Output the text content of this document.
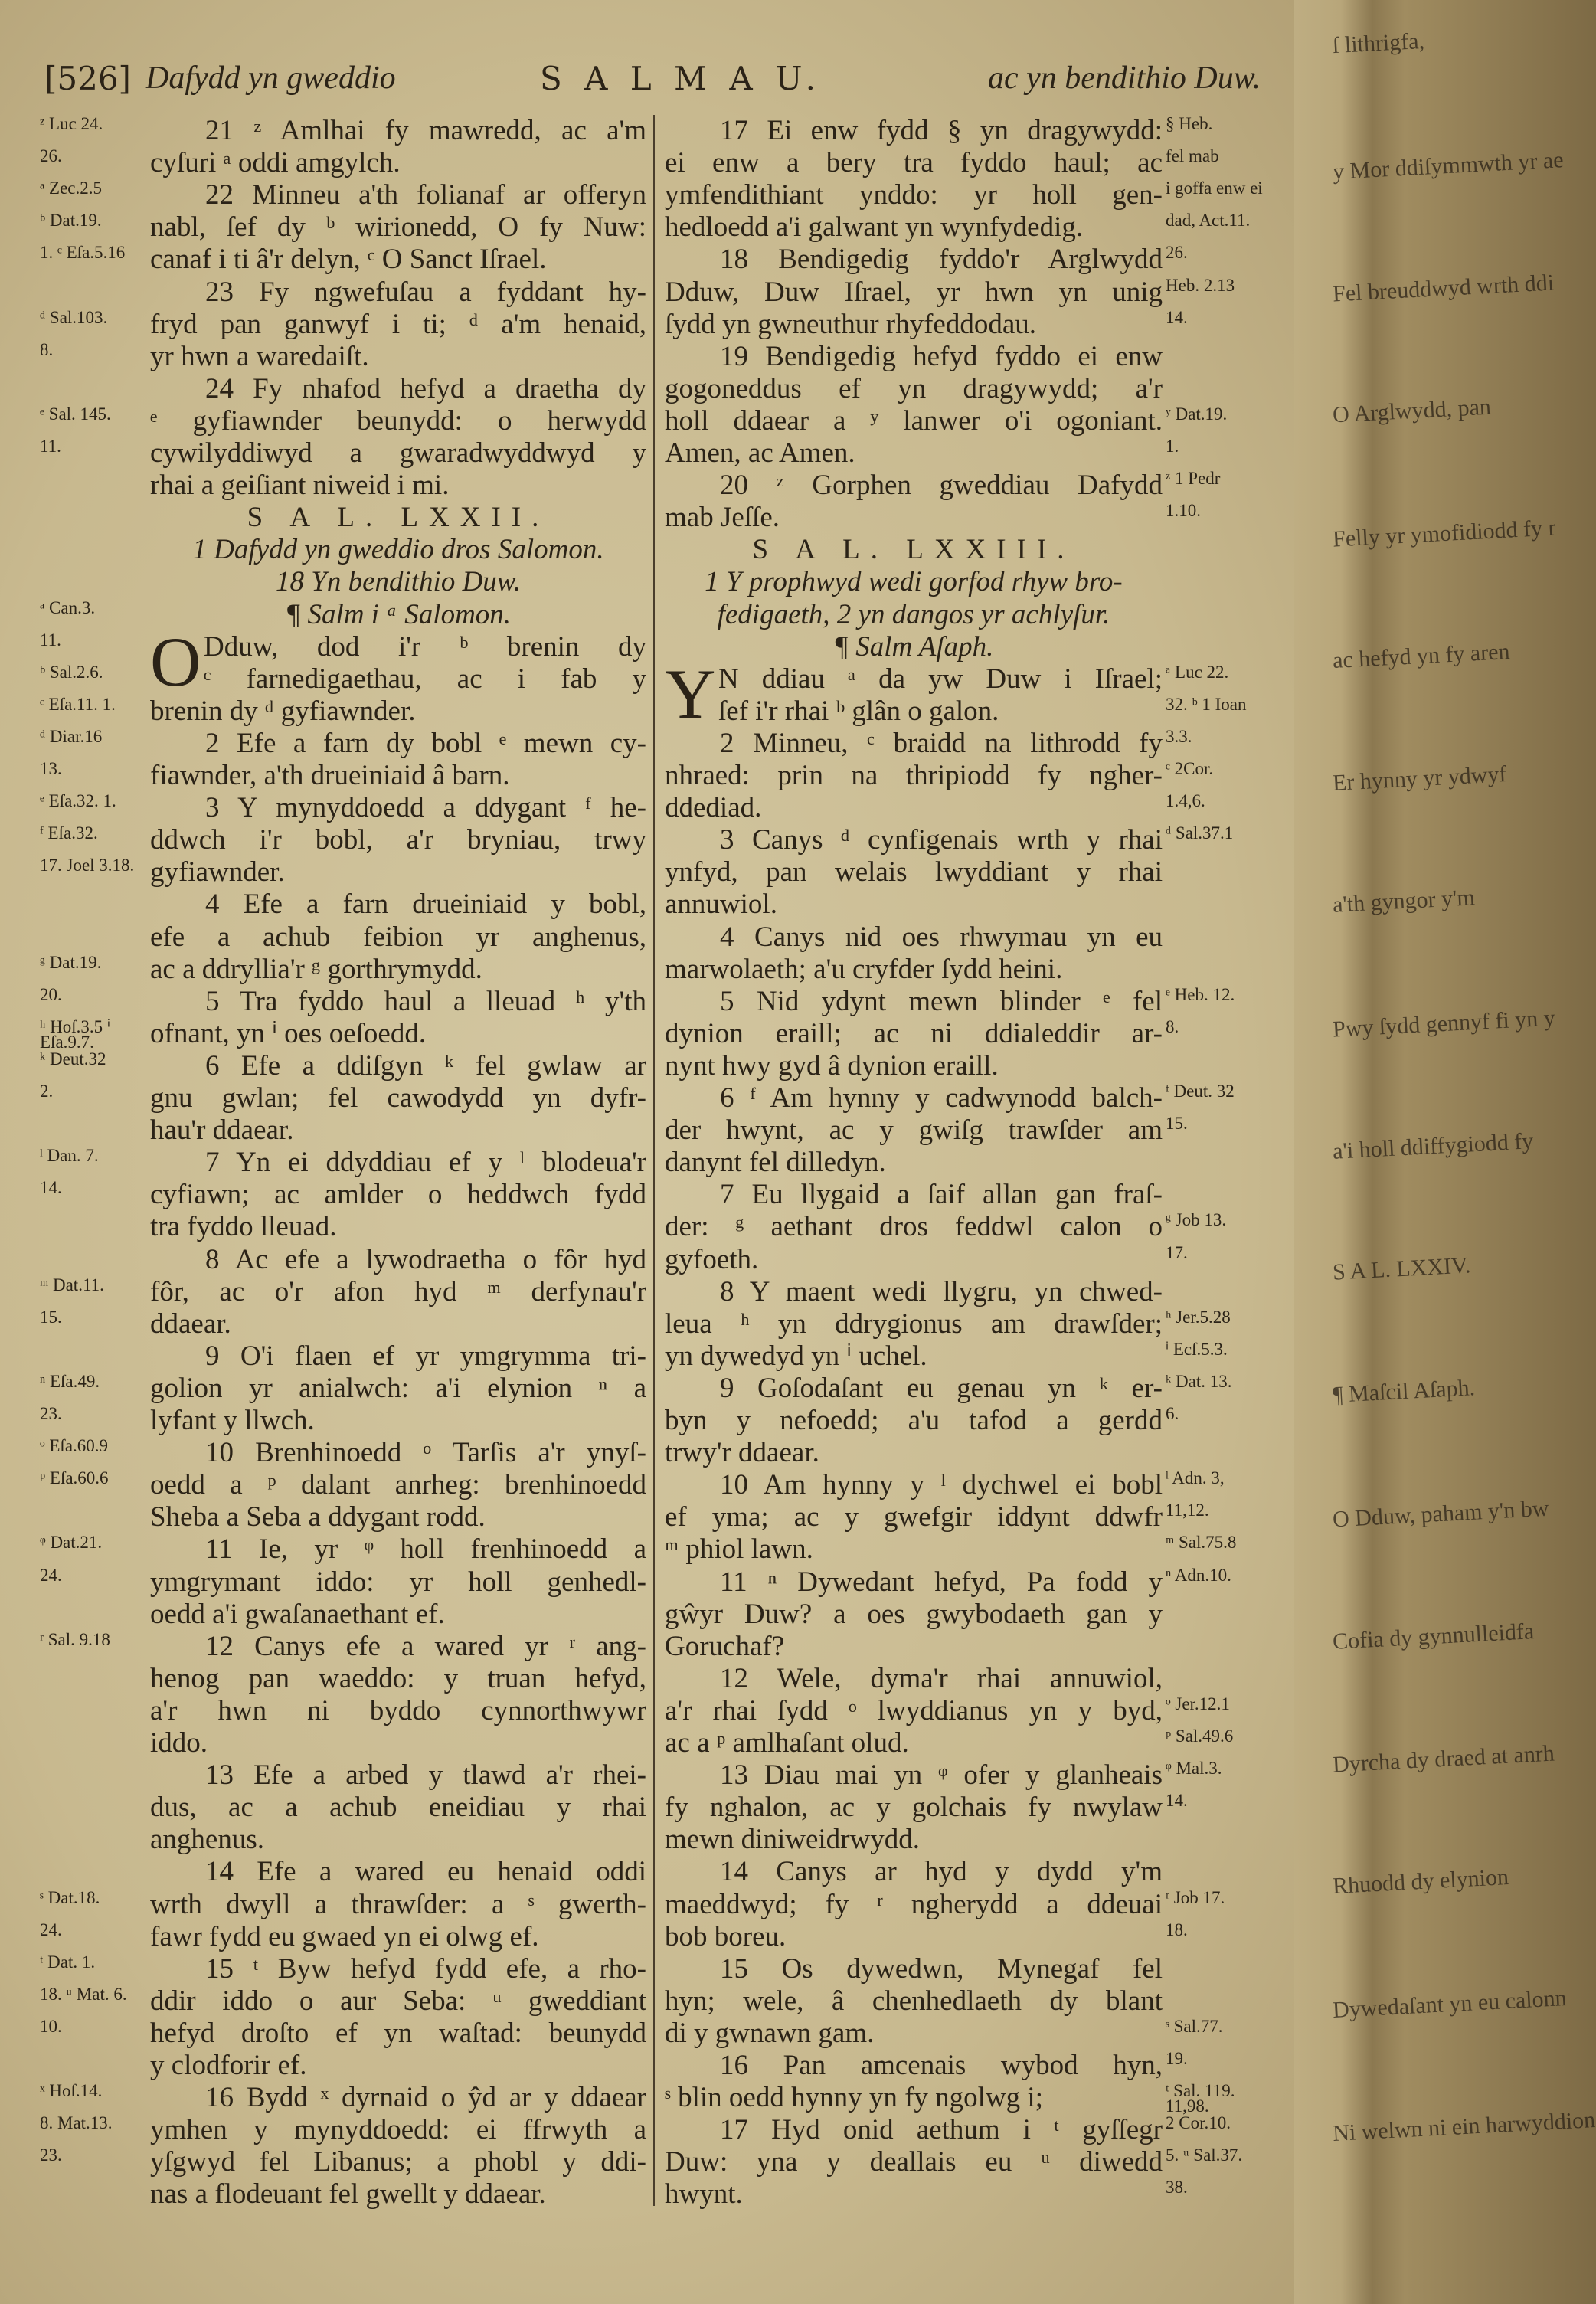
[526] Dafydd yn gweddio	S A L M A U.	ac yn bendithio Duw.
ᶻ Luc 24.
26.
ᵃ Zec.2.5
ᵇ Dat.19.
1. ᶜ Eſa.5.16
ᵈ Sal.103.
8.
ᵉ Sal. 145.
11.
ᵃ Can.3.
11.
ᵇ Sal.2.6.
ᶜ Eſa.11. 1.
ᵈ Diar.16
13.
ᵉ Eſa.32. 1.
ᶠ Eſa.32.
17. Joel 3.18.
ᵍ Dat.19.
20.
ʰ Hoſ.3.5 ⁱ Eſa.9.7.
ᵏ Deut.32
2.
ˡ Dan. 7.
14.
ᵐ Dat.11.
15.
ⁿ Eſa.49.
23.
ᵒ Eſa.60.9
ᵖ Eſa.60.6
ᵠ Dat.21.
24.
ʳ Sal. 9.18
ˢ Dat.18.
24.
ᵗ Dat. 1.
18. ᵘ Mat. 6.
10.
ˣ Hoſ.14.
8. Mat.13.
23.
21 ᶻ Amlhai fy mawredd, ac a'm
cyſuri ᵃ oddi amgylch.
22 Minneu a'th folianaf ar offeryn
nabl, ſef dy ᵇ wirionedd, O fy Nuw:
canaf i ti â'r delyn, ᶜ O Sanct Iſrael.
23 Fy ngwefuſau a fyddant hy-
fryd pan ganwyf i ti; ᵈ a'm henaid,
yr hwn a waredaiſt.
24 Fy nhafod hefyd a draetha dy
ᵉ gyfiawnder beunydd: o herwydd
cywilyddiwyd a gwaradwyddwyd y
rhai a geiſiant niweid i mi.
S A L. LXXII.
1 Dafydd yn gweddio dros Salomon.
18 Yn bendithio Duw.
¶ Salm i ᵃ Salomon.
O Dduw, dod i'r ᵇ brenin dy
ᶜ farnedigaethau, ac i fab y
brenin dy ᵈ gyfiawnder.
2 Efe a farn dy bobl ᵉ mewn cy-
fiawnder, a'th drueiniaid â barn.
3 Y mynyddoedd a ddygant ᶠ he-
ddwch i'r bobl, a'r bryniau, trwy
gyfiawnder.
4 Efe a farn drueiniaid y bobl,
efe a achub feibion yr anghenus,
ac a ddryllia'r ᵍ gorthrymydd.
5 Tra fyddo haul a lleuad ʰ y'th
ofnant, yn ⁱ oes oeſoedd.
6 Efe a ddiſgyn ᵏ fel gwlaw ar
gnu gwlan; fel cawodydd yn dyfr-
hau'r ddaear.
7 Yn ei ddyddiau ef y ˡ blodeua'r
cyfiawn; ac amlder o heddwch fydd
tra fyddo lleuad.
8 Ac efe a lywodraetha o fôr hyd
fôr, ac o'r afon hyd ᵐ derfynau'r
ddaear.
9 O'i flaen ef yr ymgrymma tri-
golion yr anialwch: a'i elynion ⁿ a
lyfant y llwch.
10 Brenhinoedd ᵒ Tarſis a'r ynyſ-
oedd a ᵖ dalant anrheg: brenhinoedd
Sheba a Seba a ddygant rodd.
11 Ie, yr ᵠ holl frenhinoedd a
ymgrymant iddo: yr holl genhedl-
oedd a'i gwaſanaethant ef.
12 Canys efe a wared yr ʳ ang-
henog pan waeddo: y truan hefyd,
a'r hwn ni byddo cynnorthwywr
iddo.
13 Efe a arbed y tlawd a'r rhei-
dus, ac a achub eneidiau y rhai
anghenus.
14 Efe a wared eu henaid oddi
wrth dwyll a thrawſder: a ˢ gwerth-
fawr fydd eu gwaed yn ei olwg ef.
15 ᵗ Byw hefyd fydd efe, a rho-
ddir iddo o aur Seba: ᵘ gweddiant
hefyd droſto ef yn waſtad: beunydd
y clodforir ef.
16 Bydd ˣ dyrnaid o ŷd ar y ddaear
ymhen y mynyddoedd: ei ffrwyth a
yſgwyd fel Libanus; a phobl y ddi-
nas a flodeuant fel gwellt y ddaear.
17 Ei enw fydd § yn dragywydd:
ei enw a bery tra fyddo haul; ac
ymfendithiant ynddo: yr holl gen-
hedloedd a'i galwant yn wynfydedig.
18 Bendigedig fyddo'r Arglwydd
Dduw, Duw Iſrael, yr hwn yn unig
ſydd yn gwneuthur rhyfeddodau.
19 Bendigedig hefyd fyddo ei enw
gogoneddus ef yn dragywydd; a'r
holl ddaear a ʸ lanwer o'i ogoniant.
Amen, ac Amen.
20 ᶻ Gorphen gweddiau Dafydd
mab Jeſſe.
S A L. LXXIII.
1 Y prophwyd wedi gorfod rhyw bro-
fedigaeth, 2 yn dangos yr achlyſur.
¶ Salm Aſaph.
Y N ddiau ᵃ da yw Duw i Iſrael;
ſef i'r rhai ᵇ glân o galon.
2 Minneu, ᶜ braidd na lithrodd fy
nhraed: prin na thripiodd fy ngher-
ddediad.
3 Canys ᵈ cynfigenais wrth y rhai
ynfyd, pan welais lwyddiant y rhai
annuwiol.
4 Canys nid oes rhwymau yn eu
marwolaeth; a'u cryfder ſydd heini.
5 Nid ydynt mewn blinder ᵉ fel
dynion eraill; ac ni ddialeddir ar-
nynt hwy gyd â dynion eraill.
6 ᶠ Am hynny y cadwynodd balch-
der hwynt, ac y gwiſg trawſder am
danynt fel dilledyn.
7 Eu llygaid a ſaif allan gan fraſ-
der: ᵍ aethant dros feddwl calon o
gyfoeth.
8 Y maent wedi llygru, yn chwed-
leua ʰ yn ddrygionus am drawſder;
yn dywedyd yn ⁱ uchel.
9 Goſodaſant eu genau yn ᵏ er-
byn y nefoedd; a'u tafod a gerdd
trwy'r ddaear.
10 Am hynny y ˡ dychwel ei bobl
ef yma; ac y gwefgir iddynt ddwfr
ᵐ phiol lawn.
11 ⁿ Dywedant hefyd, Pa fodd y
gŵyr Duw? a oes gwybodaeth gan y
Goruchaf?
12 Wele, dyma'r rhai annuwiol,
a'r rhai ſydd ᵒ lwyddianus yn y byd,
ac a ᵖ amlhaſant olud.
13 Diau mai yn ᵠ ofer y glanheais
fy nghalon, ac y golchais fy nwylaw
mewn diniweidrwydd.
14 Canys ar hyd y dydd y'm
maeddwyd; fy ʳ ngherydd a ddeuai
bob boreu.
15 Os dywedwn, Mynegaf fel
hyn; wele, â chenhedlaeth dy blant
di y gwnawn gam.
16 Pan amcenais wybod hyn,
ˢ blin oedd hynny yn fy ngolwg i;
17 Hyd onid aethum i ᵗ gyſſegr
Duw: yna y deallais eu ᵘ diwedd
hwynt.
§ Heb.
fel mab
i goffa enw ei
dad, Act.11.
26.
Heb. 2.13
14.
ʸ Dat.19.
1.
ᶻ 1 Pedr
1.10.
ᵃ Luc 22.
32. ᵇ 1 Ioan
3.3.
ᶜ 2Cor.
1.4,6.
ᵈ Sal.37.1
ᵉ Heb. 12.
8.
ᶠ Deut. 32
15.
ᵍ Job 13.
17.
ʰ Jer.5.28
ⁱ Ecſ.5.3.
ᵏ Dat. 13.
6.
ˡ Adn. 3,
11,12.
ᵐ Sal.75.8
ⁿ Adn.10.
ᵒ Jer.12.1
ᵖ Sal.49.6
ᵠ Mal.3.
14.
ʳ Job 17.
18.
ˢ Sal.77.
19.
ᵗ Sal. 119. 11,98.
2 Cor.10.
5. ᵘ Sal.37.
38.
ſ lithrigfa,
y Mor ddiſymmwth yr ae
Fel breuddwyd wrth ddi
O Arglwydd, pan
Felly yr ymofidiodd fy r
ac hefyd yn fy aren
Er hynny yr ydwyf
a'th gyngor y'm
Pwy ſydd gennyf fi yn y
a'i holl ddiffygiodd fy
S A L. LXXIV.
¶ Maſcil Aſaph.
O Dduw, paham y'n bw
Cofia dy gynnulleidfa
Dyrcha dy draed at anrh
Rhuodd dy elynion
Dywedaſant yn eu calonn
Ni welwn ni ein harwyddion
